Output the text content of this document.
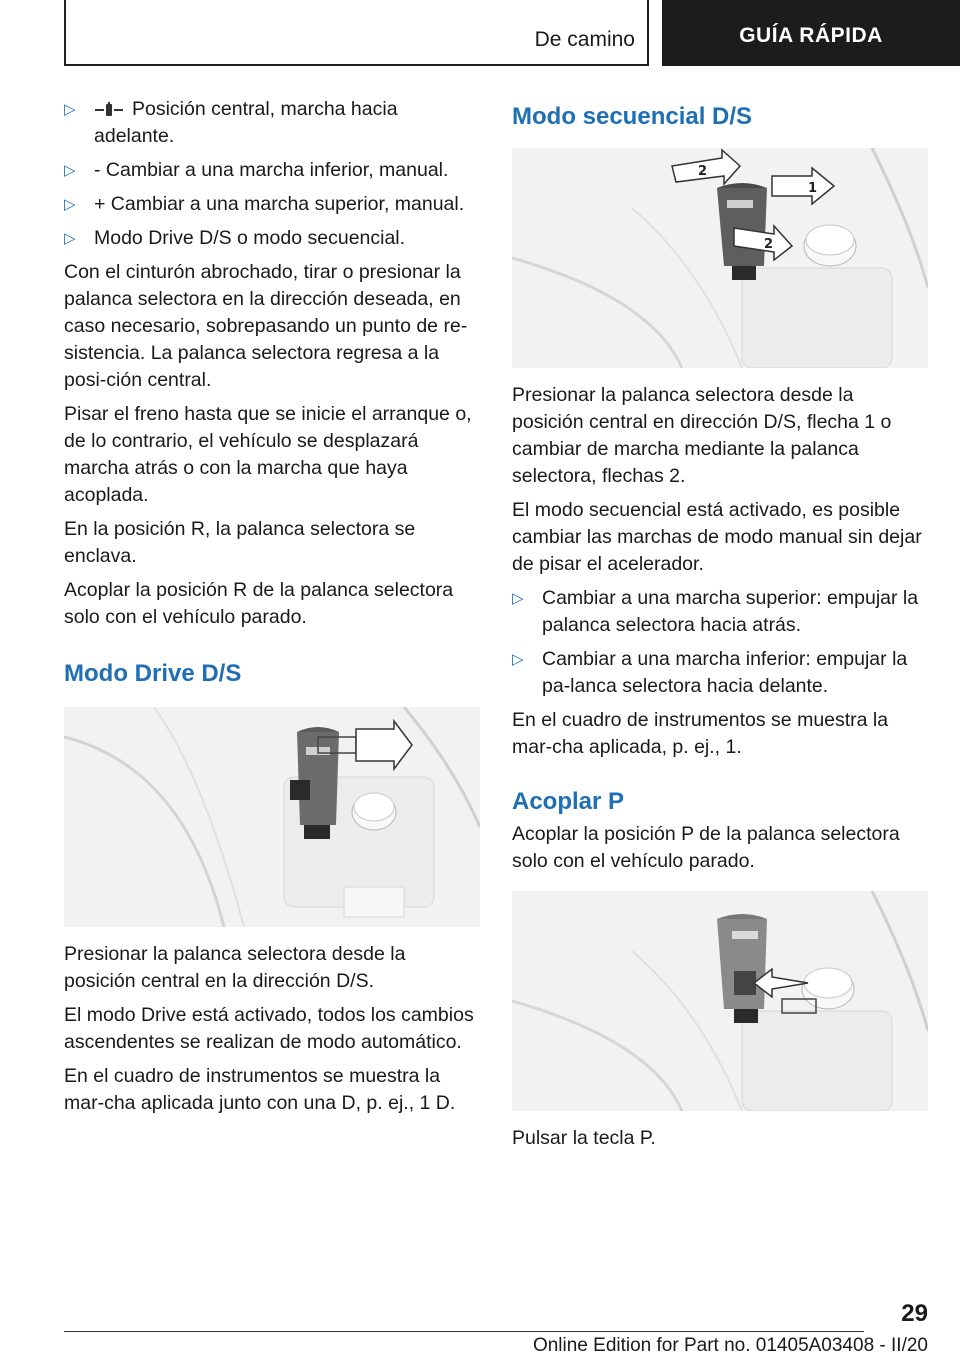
De camino	GUÍA RÁPIDA
▷	Posición central, marcha hacia adelante.
▷ - Cambiar a una marcha inferior, manual.
▷ + Cambiar a una marcha superior, manual.
▷ Modo Drive D/S o modo secuencial.

Con el cinturón abrochado, tirar o presionar la palanca selectora en la dirección deseada, en caso necesario, sobrepasando un punto de re-sistencia. La palanca selectora regresa a la posi-ción central.

Pisar el freno hasta que se inicie el arranque o, de lo contrario, el vehículo se desplazará marcha atrás o con la marcha que haya acoplada.

En la posición R, la palanca selectora se enclava.

Acoplar la posición R de la palanca selectora solo con el vehículo parado.

Modo Drive D/S

Presionar la palanca selectora desde la posición central en la dirección D/S.

El modo Drive está activado, todos los cambios ascendentes se realizan de modo automático.

En el cuadro de instrumentos se muestra la mar-cha aplicada junto con una D, p. ej., 1 D.

Modo secuencial D/S
2
1
2

Presionar la palanca selectora desde la posición central en dirección D/S, flecha 1 o cambiar de marcha mediante la palanca selectora, flechas 2.

El modo secuencial está activado, es posible cambiar las marchas de modo manual sin dejar de pisar el acelerador.

▷ Cambiar a una marcha superior: empujar la palanca selectora hacia atrás.
▷ Cambiar a una marcha inferior: empujar la pa-lanca selectora hacia delante.

En el cuadro de instrumentos se muestra la mar-cha aplicada, p. ej., 1.

Acoplar P

Acoplar la posición P de la palanca selectora solo con el vehículo parado.

Pulsar la tecla P.

29
Online Edition for Part no. 01405A03408 - II/20
